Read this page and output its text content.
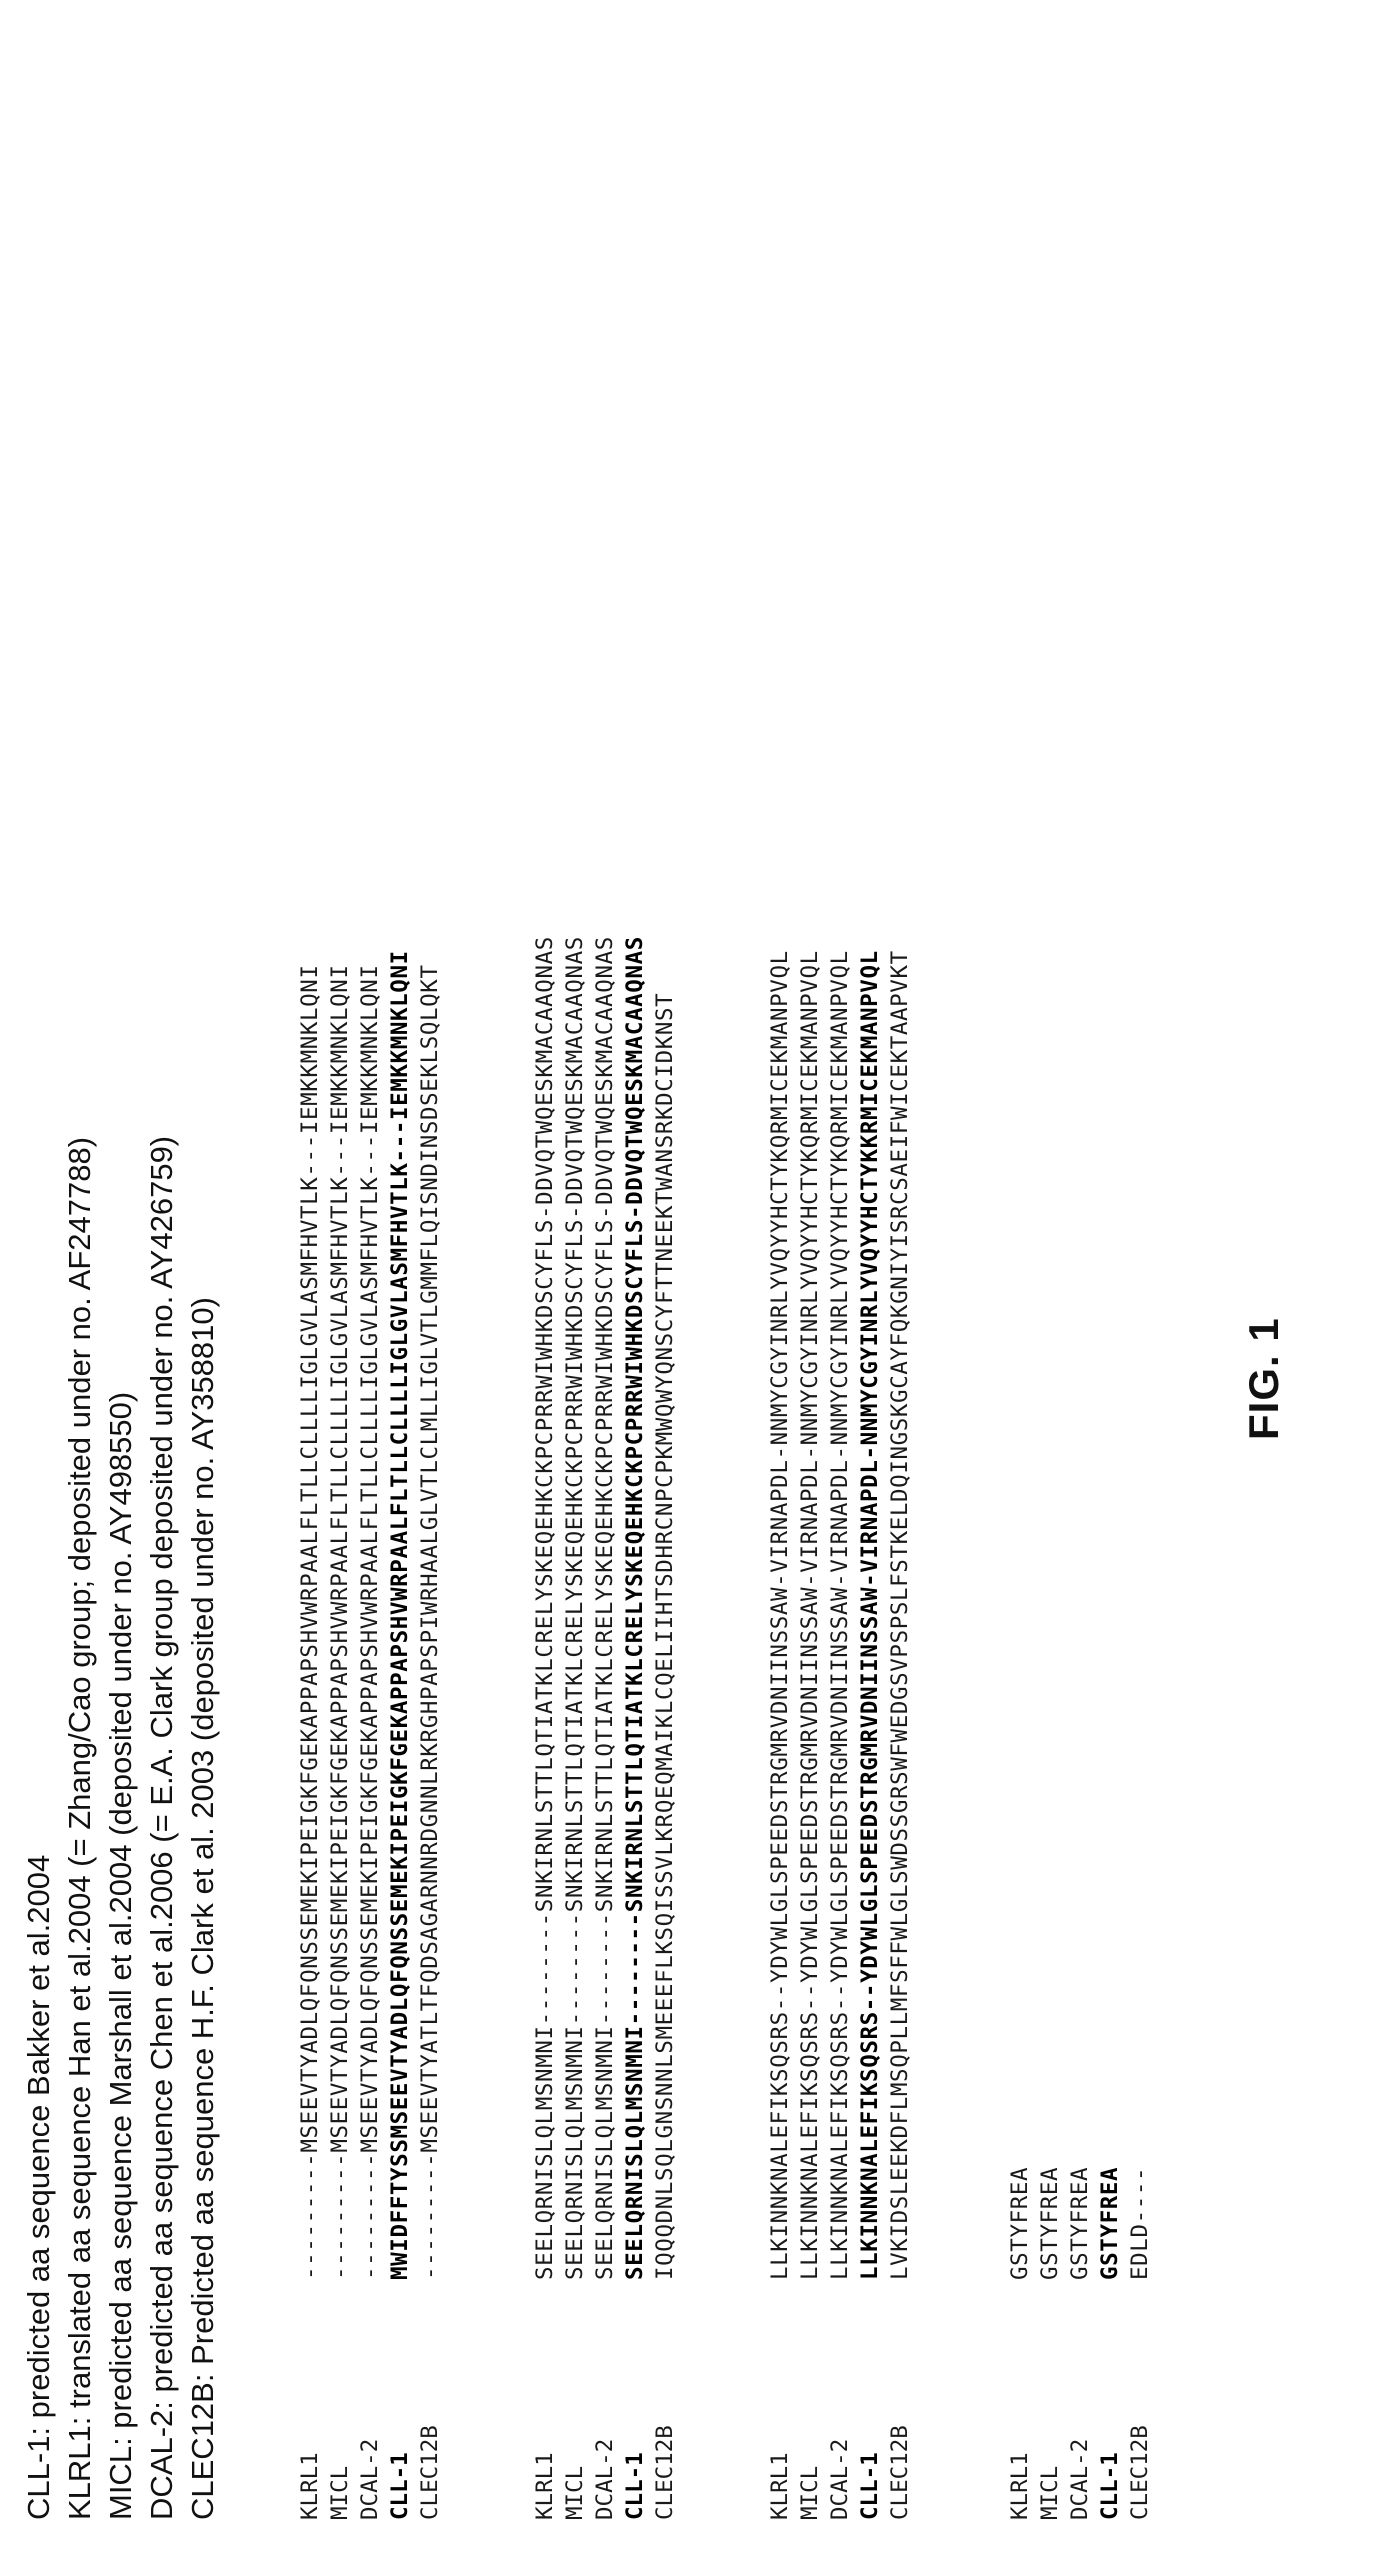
CLL-1: predicted aa sequence Bakker et al.2004 KLRL1: translated aa sequence Han et al.2004 (= Zhang/Cao group; deposited under no. AF247788) MICL: predicted aa sequence Marshall et al.2004 (deposited under no. AY498550) DCAL-2: predicted aa sequence Chen et al.2006 (= E.A. Clark group deposited under no. AY426759) CLEC12B: Predicted aa sequence H.F. Clark et al. 2003 (deposited under no. AY358810)	KLRL1
---------MSEEVTYADLQFQNSSEMEKIPEIGKFGEKAPPAPSHVWRPAALFLTLLCLLLLIGLGVLASMFHVTLK---IEMKKMNKLQNI
MICL
---------MSEEVTYADLQFQNSSEMEKIPEIGKFGEKAPPAPSHVWRPAALFLTLLCLLLLIGLGVLASMFHVTLK---IEMKKMNKLQNI
DCAL-2
---------MSEEVTYADLQFQNSSEMEKIPEIGKFGEKAPPAPSHVWRPAALFLTLLCLLLLIGLGVLASMFHVTLK---IEMKKMNKLQNI
CLL-1
MWIDFFTYSSMSEEVTYADLQFQNSSEMEKIPEIGKFGEKAPPAPSHVWRPAALFLTLLCLLLLIGLGVLASMFHVTLK---IEMKKMNKLQNI
CLEC12B
---------MSEEVTYATLTFQDSAGARNNRDGNNLRKRGHPAPSPIWRHAALGLVTLCLMLLIGLVTLGMMFLQISNDINSDSEKLSQLQKT
KLRL1
SEELQRNISLQLMSNMNI--------SNKIRNLSTTLQTIATKLCRELYSKEQEHKCKPCPRRWIWHKDSCYFLS-DDVQTWQESKMACAAQNAS
MICL
SEELQRNISLQLMSNMNI--------SNKIRNLSTTLQTIATKLCRELYSKEQEHKCKPCPRRWIWHKDSCYFLS-DDVQTWQESKMACAAQNAS
DCAL-2
SEELQRNISLQLMSNMNI--------SNKIRNLSTTLQTIATKLCRELYSKEQEHKCKPCPRRWIWHKDSCYFLS-DDVQTWQESKMACAAQNAS
CLL-1
SEELQRNISLQLMSNMNI--------SNKIRNLSTTLQTIATKLCRELYSKEQEHKCKPCPRRWIWHKDSCYFLS-DDVQTWQESKMACAAQNAS
CLEC12B
IQQQDNLSQLGNSNNLSMEEEFLKSQISSVLKRQEQMAIKLCQELIIHTSDHRCNPCPKMWQWYQNSCYFTTNEEKTWANSRKDCIDKNST
KLRL1
LLKINNKNALEFIKSQSRS--YDYWLGLSPEEDSTRGMRVDNIINSSAW-VIRNAPDL-NNMYCGYINRLYVQYYHCTYKQRMICEKMANPVQL
MICL
LLKINNKNALEFIKSQSRS--YDYWLGLSPEEDSTRGMRVDNIINSSAW-VIRNAPDL-NNMYCGYINRLYVQYYHCTYKQRMICEKMANPVQL
DCAL-2
LLKINNKNALEFIKSQSRS--YDYWLGLSPEEDSTRGMRVDNIINSSAW-VIRNAPDL-NNMYCGYINRLYVQYYHCTYKQRMICEKMANPVQL
CLL-1
LLKINNKNALEFIKSQSRS--YDYWLGLSPEEDSTRGMRVDNIINSSAW-VIRNAPDL-NNMYCGYINRLYVQYYHCTYKKRMICEKMANPVQL
CLEC12B
LVKIDSLEEKDFLMSQPLLMFSFFWLGLSWDSSGRSWFWEDGSVPSPSLFSTKELDQINGSKGCAYFQKGNIYISRCSAEIFWICEKTAAPVKT
KLRL1
GSTYFREA
MICL
GSTYFREA
DCAL-2
GSTYFREA
CLL-1
GSTYFREA
CLEC12B
EDLD----
FIG. 1
